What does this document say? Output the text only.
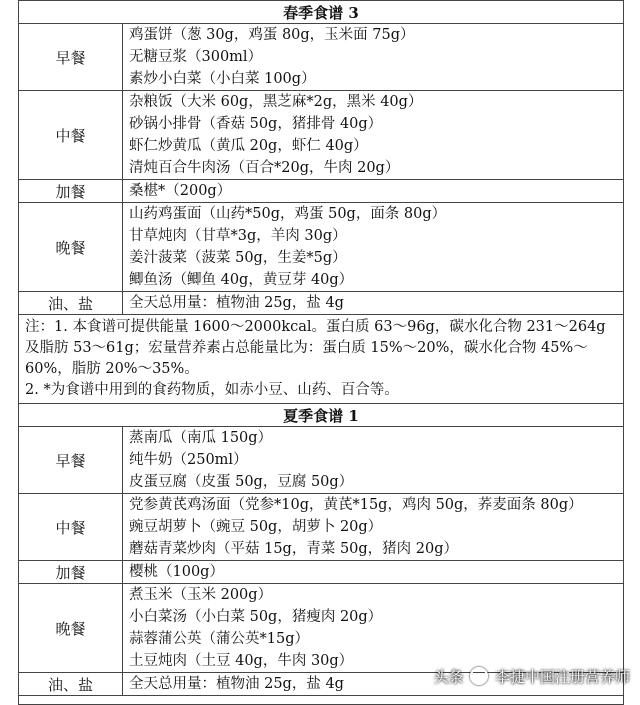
春季食谱 3	
早餐	鸡蛋饼（葱 30g，鸡蛋 80g，玉米面 75g）
无糖豆浆（300ml）
素炒小白菜（小白菜 100g）

中餐	杂粮饭（大米 60g，黑芝麻*2g，黑米 40g）
砂锅小排骨（香菇 50g，猪排骨 40g）
虾仁炒黄瓜（黄瓜 20g，虾仁 40g）
清炖百合牛肉汤（百合*20g，牛肉 20g）

加餐	桑椹*（200g）

晚餐	山药鸡蛋面（山药*50g，鸡蛋 50g，面条 80g）
甘草炖肉（甘草*3g，羊肉 30g）
姜汁菠菜（菠菜 50g，生姜*5g）
鲫鱼汤（鲫鱼 40g，黄豆芽 40g）

油、盐	全天总用量：植物油 25g，盐 4g

注：1. 本食谱可提供能量 1600～2000kcal。蛋白质 63～96g，碳水化合物 231～264g 及脂肪 53～61g；宏量营养素占总能量比为：蛋白质 15%～20%，碳水化合物 45%～60%，脂肪 20%～35%。
2. *为食谱中用到的食药物质，如赤小豆、山药、百合等。	

夏季食谱 1	
早餐	蒸南瓜（南瓜 150g）
纯牛奶（250ml）
皮蛋豆腐（皮蛋 50g，豆腐 50g）

中餐	党参黄芪鸡汤面（党参*10g，黄芪*15g，鸡肉 50g，荞麦面条 80g）
豌豆胡萝卜（豌豆 50g，胡萝卜 20g）
蘑菇青菜炒肉（平菇 15g，青菜 50g，猪肉 20g）

加餐	樱桃（100g）

晚餐	煮玉米（玉米 200g）
小白菜汤（小白菜 50g，猪瘦肉 20g）
蒜蓉蒲公英（蒲公英*15g）
土豆炖肉（土豆 40g，牛肉 30g）

油、盐	全天总用量：植物油 25g，盐 4g	头条 李捷中国注册营养师
